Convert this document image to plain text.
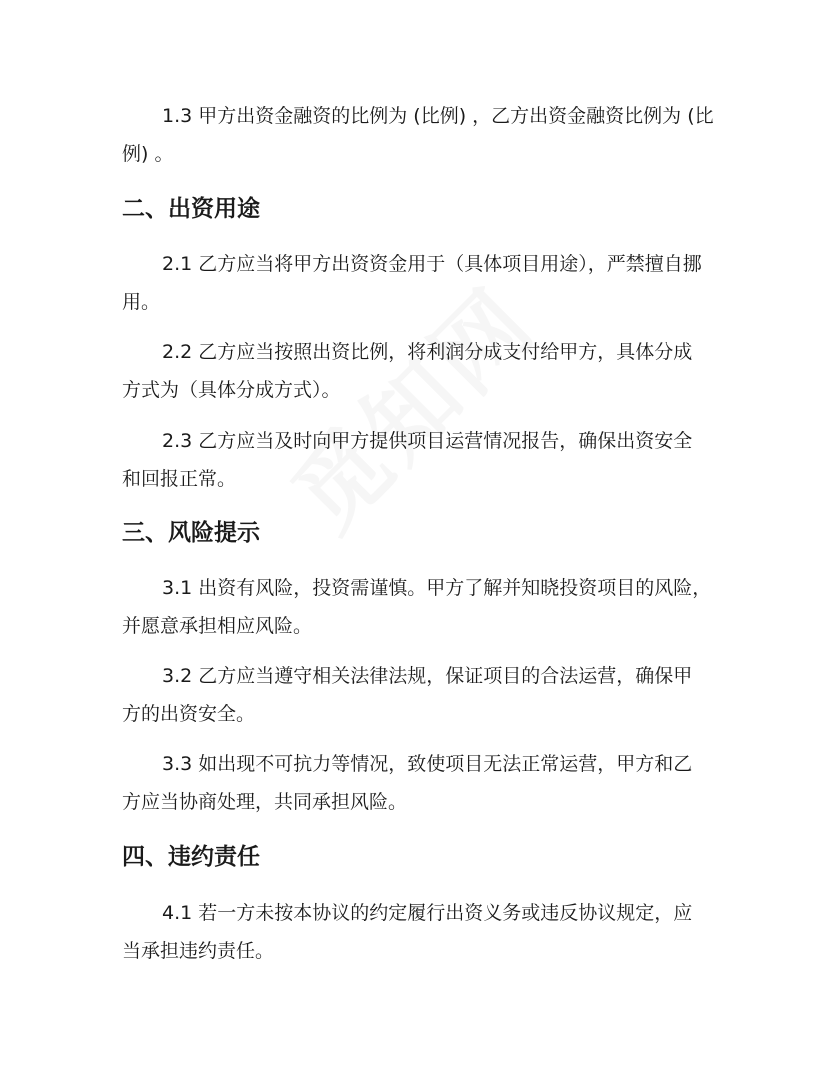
1.3 甲方出资金融资的比例为 (比例) ，乙方出资金融资比例为 (比
例) 。

二、出资用途

2.1 乙方应当将甲方出资资金用于（具体项目用途），严禁擅自挪
用。

2.2 乙方应当按照出资比例，将利润分成支付给甲方，具体分成
方式为（具体分成方式）。

2.3 乙方应当及时向甲方提供项目运营情况报告，确保出资安全
和回报正常。

三、风险提示

3.1 出资有风险，投资需谨慎。甲方了解并知晓投资项目的风险，
并愿意承担相应风险。

3.2 乙方应当遵守相关法律法规，保证项目的合法运营，确保甲
方的出资安全。

3.3 如出现不可抗力等情况，致使项目无法正常运营，甲方和乙
方应当协商处理，共同承担风险。

四、违约责任

4.1 若一方未按本协议的约定履行出资义务或违反协议规定，应
当承担违约责任。
